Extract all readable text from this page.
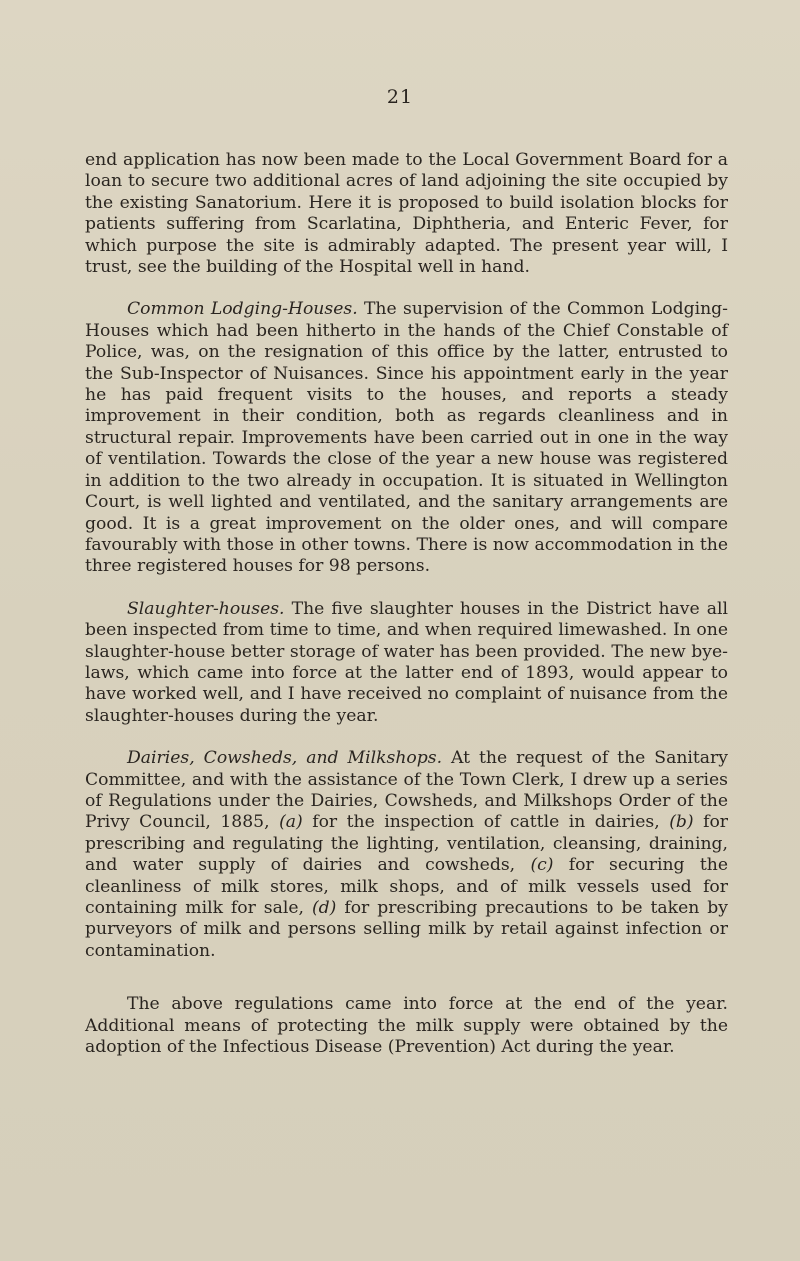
21

end application has now been made to the Local Government Board for a loan to secure two additional acres of land adjoining the site occupied by the existing Sanatorium. Here it is proposed to build isolation blocks for patients suffering from Scarlatina, Diphtheria, and Enteric Fever, for which purpose the site is admirably adapted. The present year will, I trust, see the building of the Hospital well in hand.

Common Lodging-Houses. The supervision of the Common Lodging-Houses which had been hitherto in the hands of the Chief Constable of Police, was, on the resignation of this office by the latter, entrusted to the Sub-Inspector of Nuisances. Since his appointment early in the year he has paid frequent visits to the houses, and reports a steady improvement in their condition, both as regards cleanliness and in structural repair. Improvements have been carried out in one in the way of ventilation. Towards the close of the year a new house was registered in addition to the two already in occupation. It is situated in Wellington Court, is well lighted and ventilated, and the sanitary arrangements are good. It is a great improvement on the older ones, and will compare favourably with those in other towns. There is now accommodation in the three registered houses for 98 persons.

Slaughter-houses. The five slaughter houses in the District have all been inspected from time to time, and when required limewashed. In one slaughter-house better storage of water has been provided. The new bye-laws, which came into force at the latter end of 1893, would appear to have worked well, and I have received no complaint of nuisance from the slaughter-houses during the year.

Dairies, Cowsheds, and Milkshops. At the request of the Sanitary Committee, and with the assistance of the Town Clerk, I drew up a series of Regulations under the Dairies, Cowsheds, and Milkshops Order of the Privy Council, 1885, (a) for the inspection of cattle in dairies, (b) for prescribing and regulating the lighting, ventilation, cleansing, draining, and water supply of dairies and cowsheds, (c) for securing the cleanliness of milk stores, milk shops, and of milk vessels used for containing milk for sale, (d) for prescribing precautions to be taken by purveyors of milk and persons selling milk by retail against infection or contamination.

The above regulations came into force at the end of the year. Additional means of protecting the milk supply were obtained by the adoption of the Infectious Disease (Prevention) Act during the year.
